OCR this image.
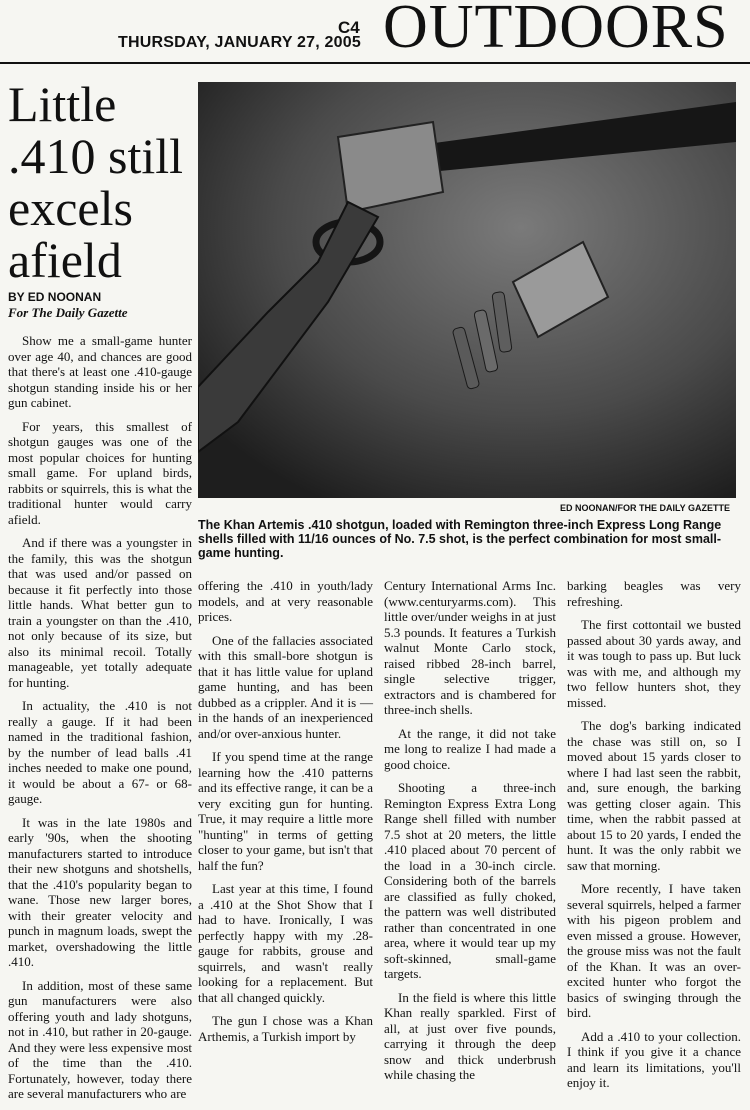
THURSDAY, JANUARY 27, 2005
C4 OUTDOORS
Little .410 still excels afield
BY ED NOONAN
For The Daily Gazette
ED NOONAN/FOR THE DAILY GAZETTE
The Khan Artemis .410 shotgun, loaded with Remington three-inch Express Long Range shells filled with 11/16 ounces of No. 7.5 shot, is the perfect combination for most small-game hunting.

Show me a small-game hunter over age 40, and chances are good that there's at least one .410-gauge shotgun standing inside his or her gun cabinet.

For years, this smallest of shotgun gauges was one of the most popular choices for hunting small game. For upland birds, rabbits or squirrels, this is what the traditional hunter would carry afield.

And if there was a youngster in the family, this was the shotgun that was used and/or passed on because it fit perfectly into those little hands. What better gun to train a youngster on than the .410, not only because of its size, but also its minimal recoil. Totally manageable, yet totally adequate for hunting.

In actuality, the .410 is not really a gauge. If it had been named in the traditional fashion, by the number of lead balls .41 inches needed to make one pound, it would be about a 67- or 68-gauge.

It was in the late 1980s and early '90s, when the shooting manufacturers started to introduce their new shotguns and shotshells, that the .410's popularity began to wane. Those new larger bores, with their greater velocity and punch in magnum loads, swept the market, overshadowing the little .410.

In addition, most of these same gun manufacturers were also offering youth and lady shotguns, not in .410, but rather in 20-gauge. And they were less expensive most of the time than the .410. Fortunately, however, today there are several manufacturers who are

offering the .410 in youth/lady models, and at very reasonable prices.

One of the fallacies associated with this small-bore shotgun is that it has little value for upland game hunting, and has been dubbed as a crippler. And it is — in the hands of an inexperienced and/or over-anxious hunter.

If you spend time at the range learning how the .410 patterns and its effective range, it can be a very exciting gun for hunting. True, it may require a little more "hunting" in terms of getting closer to your game, but isn't that half the fun?

Last year at this time, I found a .410 at the Shot Show that I had to have. Ironically, I was perfectly happy with my .28-gauge for rabbits, grouse and squirrels, and wasn't really looking for a replacement. But that all changed quickly.

The gun I chose was a Khan Arthemis, a Turkish import by

Century International Arms Inc. (www.centuryarms.com). This little over/under weighs in at just 5.3 pounds. It features a Turkish walnut Monte Carlo stock, raised ribbed 28-inch barrel, single selective trigger, extractors and is chambered for three-inch shells.

At the range, it did not take me long to realize I had made a good choice.

Shooting a three-inch Remington Express Extra Long Range shell filled with number 7.5 shot at 20 meters, the little .410 placed about 70 percent of the load in a 30-inch circle. Considering both of the barrels are classified as fully choked, the pattern was well distributed rather than concentrated in one area, where it would tear up my soft-skinned, small-game targets.

In the field is where this little Khan really sparkled. First of all, at just over five pounds, carrying it through the deep snow and thick underbrush while chasing the

barking beagles was very refreshing.

The first cottontail we busted passed about 30 yards away, and it was tough to pass up. But luck was with me, and although my two fellow hunters shot, they missed.

The dog's barking indicated the chase was still on, so I moved about 15 yards closer to where I had last seen the rabbit, and, sure enough, the barking was getting closer again. This time, when the rabbit passed at about 15 to 20 yards, I ended the hunt. It was the only rabbit we saw that morning.

More recently, I have taken several squirrels, helped a farmer with his pigeon problem and even missed a grouse. However, the grouse miss was not the fault of the Khan. It was an over-excited hunter who forgot the basics of swinging through the bird.

Add a .410 to your collection. I think if you give it a chance and learn its limitations, you'll enjoy it.
